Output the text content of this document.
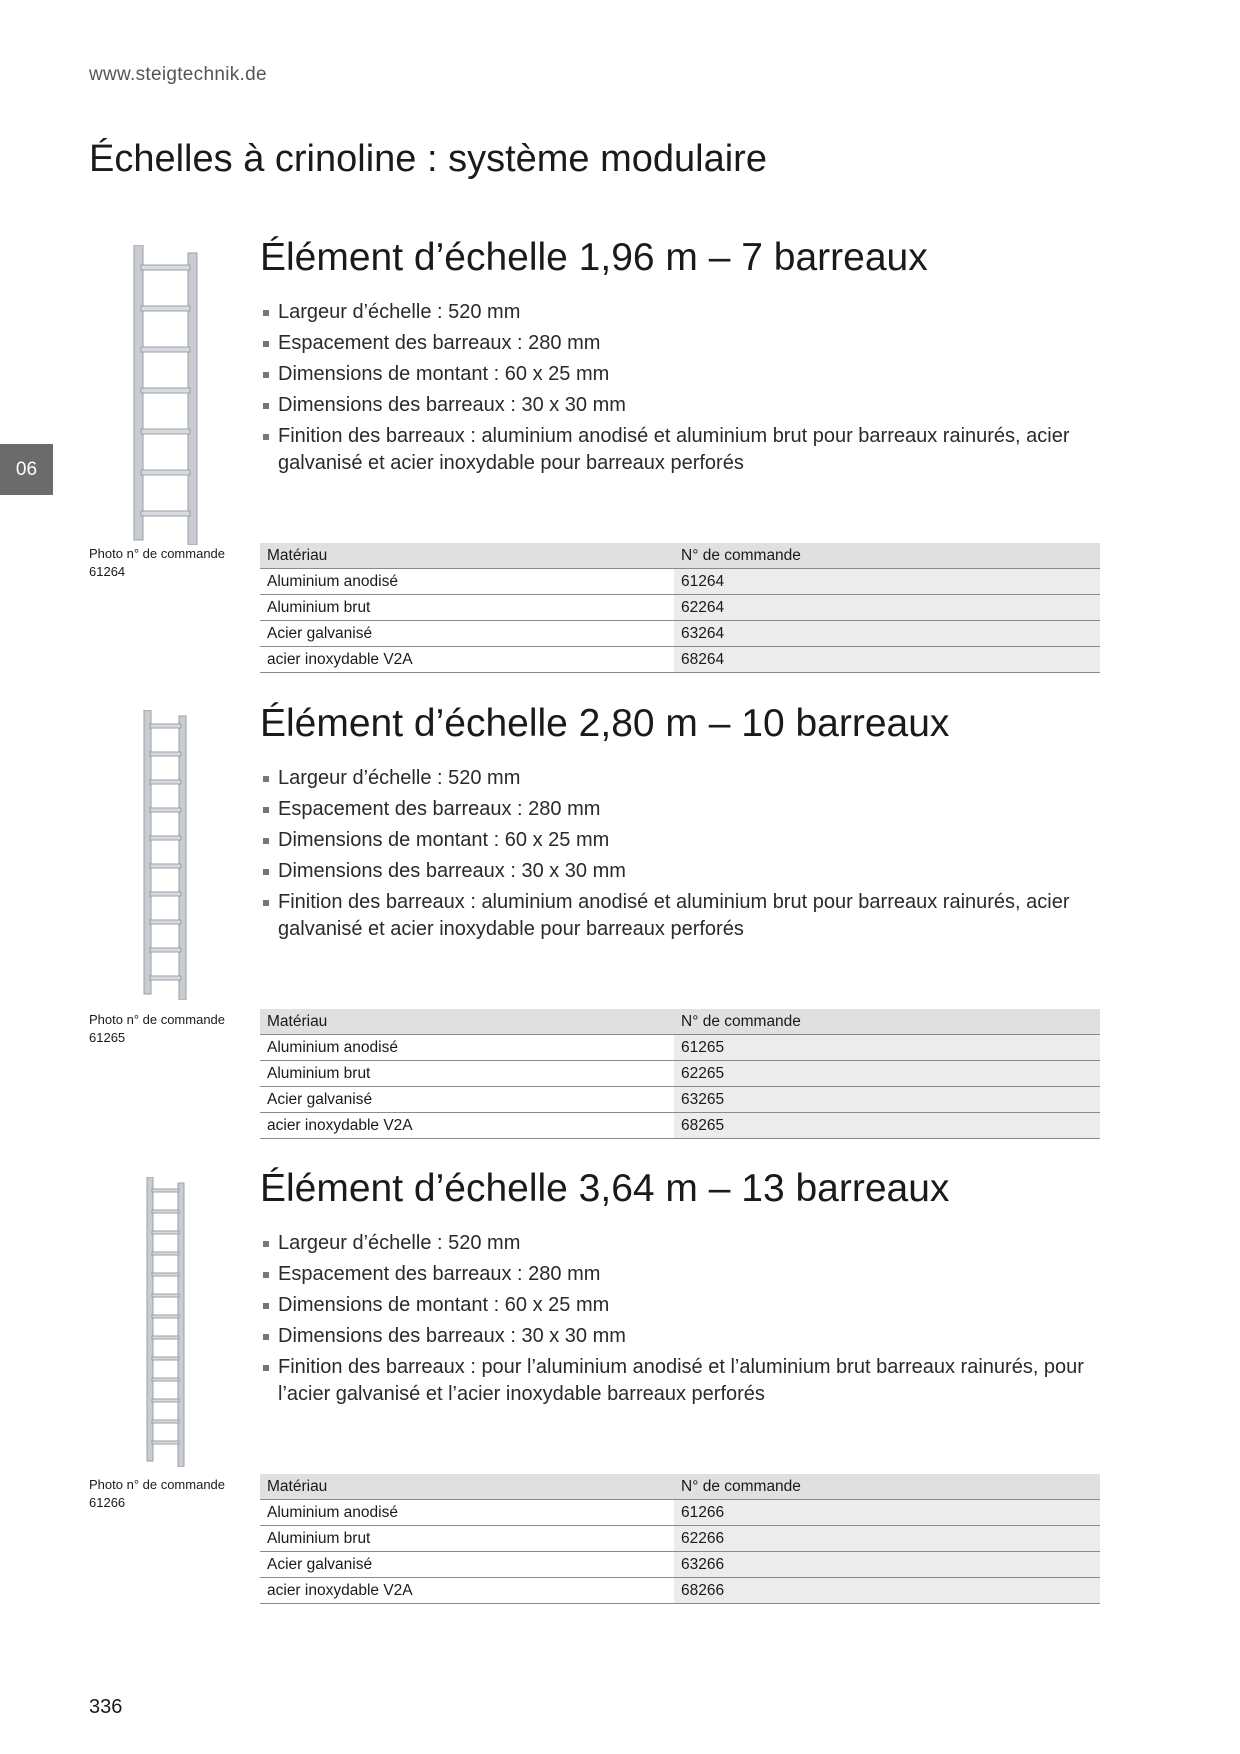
www.steigtechnik.de
Échelles à crinoline : système modulaire
06
Photo n° de commande
61264
Élément d’échelle 1,96 m – 7 barreaux
Largeur d’échelle : 520 mm
Espacement des barreaux : 280 mm
Dimensions de montant : 60 x 25 mm
Dimensions des barreaux : 30 x 30 mm
Finition des barreaux : aluminium anodisé et aluminium brut pour barreaux rainurés, acier galvanisé et acier inoxydable pour barreaux perforés
Matériau	N° de commande
Aluminium anodisé	61264
Aluminium brut	62264
Acier galvanisé	63264
acier inoxydable V2A	68264
Photo n° de commande
61265
Élément d’échelle 2,80 m – 10 barreaux
Largeur d’échelle : 520 mm
Espacement des barreaux : 280 mm
Dimensions de montant : 60 x 25 mm
Dimensions des barreaux : 30 x 30 mm
Finition des barreaux : aluminium anodisé et aluminium brut pour barreaux rainurés, acier galvanisé et acier inoxydable pour barreaux perforés
Matériau	N° de commande
Aluminium anodisé	61265
Aluminium brut	62265
Acier galvanisé	63265
acier inoxydable V2A	68265
Photo n° de commande
61266
Élément d’échelle 3,64 m – 13 barreaux
Largeur d’échelle : 520 mm
Espacement des barreaux : 280 mm
Dimensions de montant : 60 x 25 mm
Dimensions des barreaux : 30 x 30 mm
Finition des barreaux : pour l’aluminium anodisé et l’aluminium brut barreaux rainurés, pour l’acier galvanisé et l’acier inoxydable barreaux perforés
Matériau	N° de commande
Aluminium anodisé	61266
Aluminium brut	62266
Acier galvanisé	63266
acier inoxydable V2A	68266
336
